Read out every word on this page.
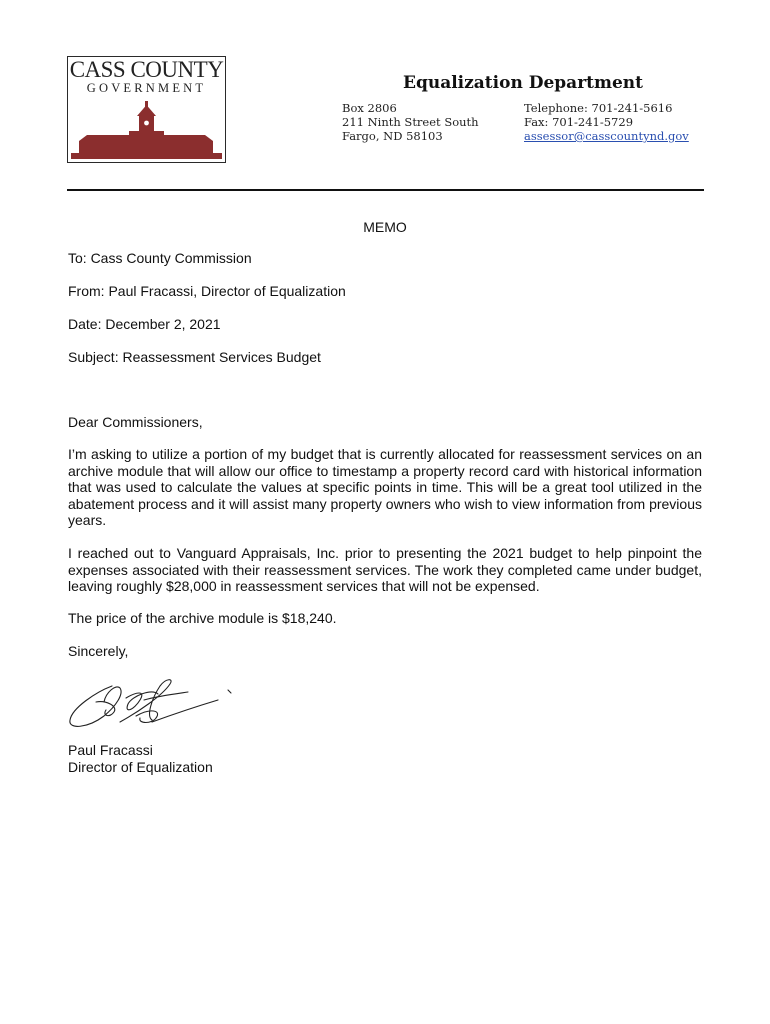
CASS COUNTY
GOVERNMENT	Equalization Department
Box 2806
211 Ninth Street South
Fargo, ND 58103
Telephone: 701-241-5616
Fax: 701-241-5729
assessor@casscountynd.gov
MEMO
To: Cass County Commission
From: Paul Fracassi, Director of Equalization
Date: December 2, 2021
Subject: Reassessment Services Budget
Dear Commissioners,
I’m asking to utilize a portion of my budget that is currently allocated for reassessment services on an archive module that will allow our office to timestamp a property record card with historical information that was used to calculate the values at specific points in time. This will be a great tool utilized in the abatement process and it will assist many property owners who wish to view information from previous years.
I reached out to Vanguard Appraisals, Inc. prior to presenting the 2021 budget to help pinpoint the expenses associated with their reassessment services. The work they completed came under budget, leaving roughly $28,000 in reassessment services that will not be expensed.
The price of the archive module is $18,240.
Sincerely,
Paul Fracassi
Director of Equalization
